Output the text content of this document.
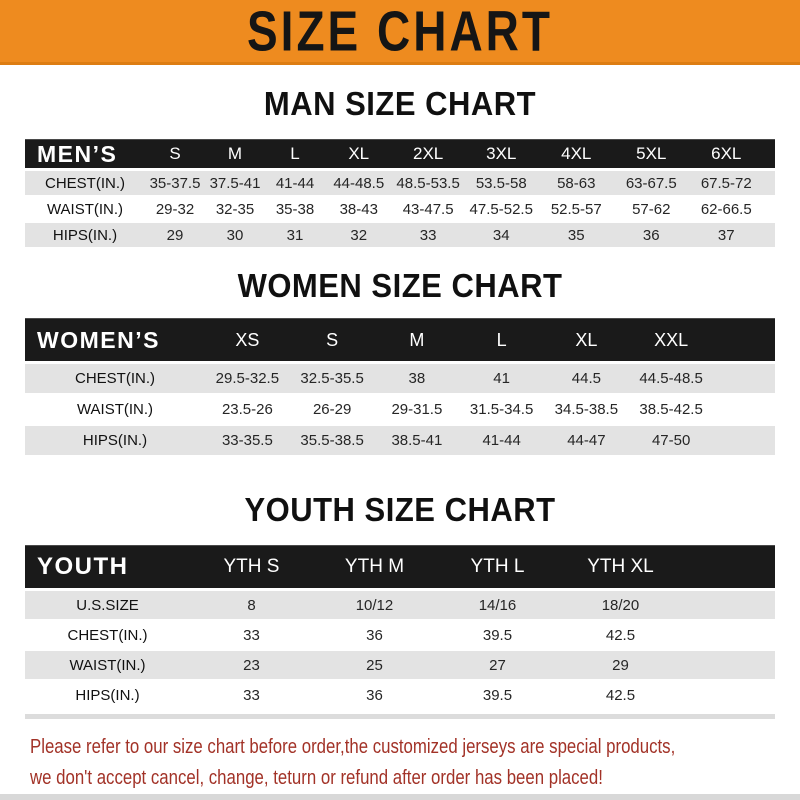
SIZE CHART
MAN SIZE CHART
MEN’S	S	M	L	XL	2XL	3XL	4XL	5XL	6XL	
CHEST(IN.)	35-37.5	37.5-41	41-44	44-48.5	48.5-53.5	53.5-58	58-63	63-67.5	67.5-72	
WAIST(IN.)	29-32	32-35	35-38	38-43	43-47.5	47.5-52.5	52.5-57	57-62	62-66.5	
HIPS(IN.)	29	30	31	32	33	34	35	36	37	
WOMEN SIZE CHART
WOMEN’S	XS	S	M	L	XL	XXL	
CHEST(IN.)	29.5-32.5	32.5-35.5	38	41	44.5	44.5-48.5	
WAIST(IN.)	23.5-26	26-29	29-31.5	31.5-34.5	34.5-38.5	38.5-42.5	
HIPS(IN.)	33-35.5	35.5-38.5	38.5-41	41-44	44-47	47-50	
YOUTH SIZE CHART
YOUTH	YTH S	YTH M	YTH L	YTH XL	
U.S.SIZE	8	10/12	14/16	18/20	
CHEST(IN.)	33	36	39.5	42.5	
WAIST(IN.)	23	25	27	29	
HIPS(IN.)	33	36	39.5	42.5	

Please refer to our size chart before order,the customized jerseys are special products,
we don't accept cancel, change, teturn or refund after order has been placed!
